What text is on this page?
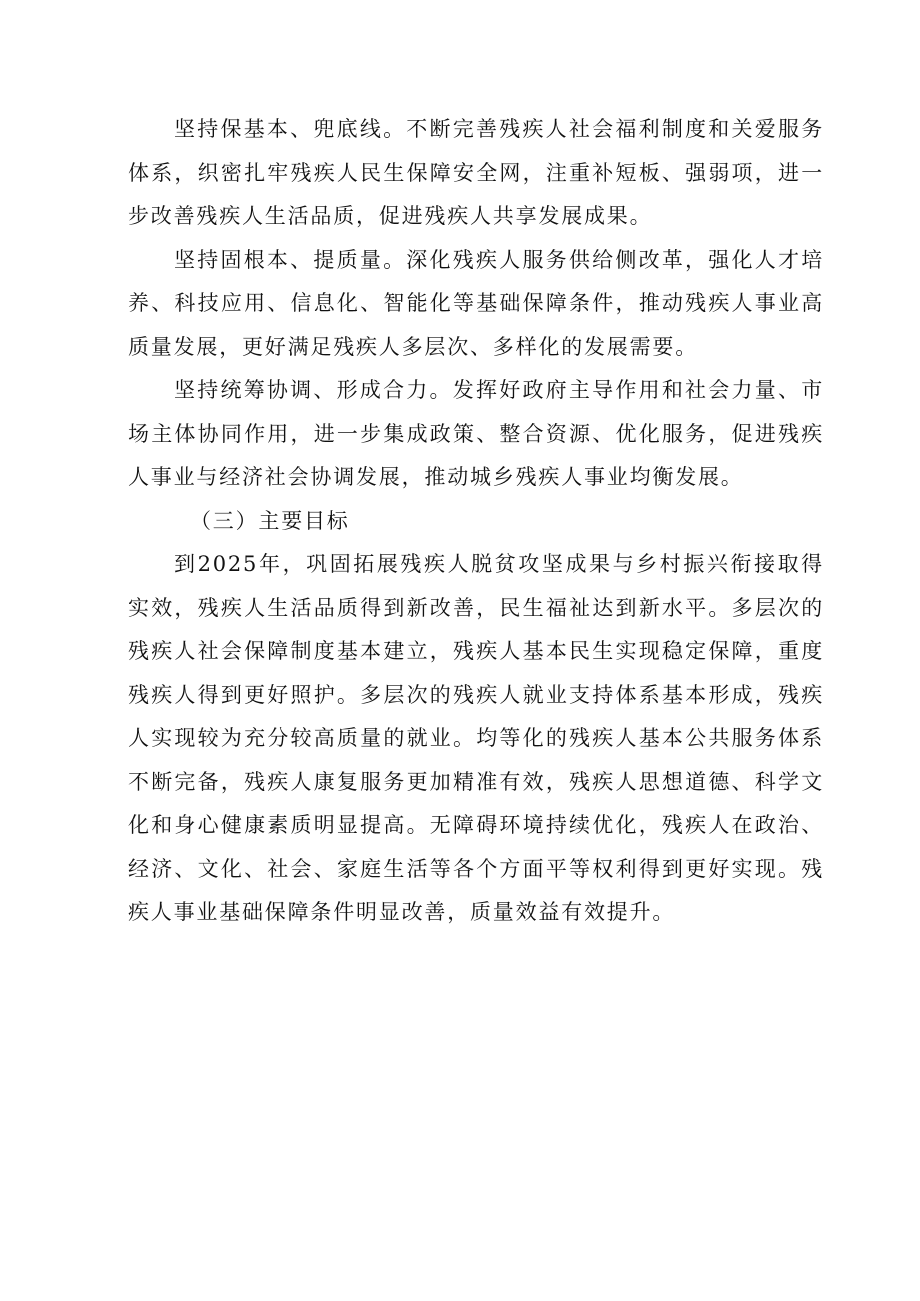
坚持保基本、兜底线。不断完善残疾人社会福利制度和关爱服务体系，织密扎牢残疾人民生保障安全网，注重补短板、强弱项，进一步改善残疾人生活品质，促进残疾人共享发展成果。

坚持固根本、提质量。深化残疾人服务供给侧改革，强化人才培养、科技应用、信息化、智能化等基础保障条件，推动残疾人事业高质量发展，更好满足残疾人多层次、多样化的发展需要。

坚持统筹协调、形成合力。发挥好政府主导作用和社会力量、市场主体协同作用，进一步集成政策、整合资源、优化服务，促进残疾人事业与经济社会协调发展，推动城乡残疾人事业均衡发展。

（三）主要目标

到2025年，巩固拓展残疾人脱贫攻坚成果与乡村振兴衔接取得实效，残疾人生活品质得到新改善，民生福祉达到新水平。多层次的残疾人社会保障制度基本建立，残疾人基本民生实现稳定保障，重度残疾人得到更好照护。多层次的残疾人就业支持体系基本形成，残疾人实现较为充分较高质量的就业。均等化的残疾人基本公共服务体系不断完备，残疾人康复服务更加精准有效，残疾人思想道德、科学文化和身心健康素质明显提高。无障碍环境持续优化，残疾人在政治、经济、文化、社会、家庭生活等各个方面平等权利得到更好实现。残疾人事业基础保障条件明显改善，质量效益有效提升。
